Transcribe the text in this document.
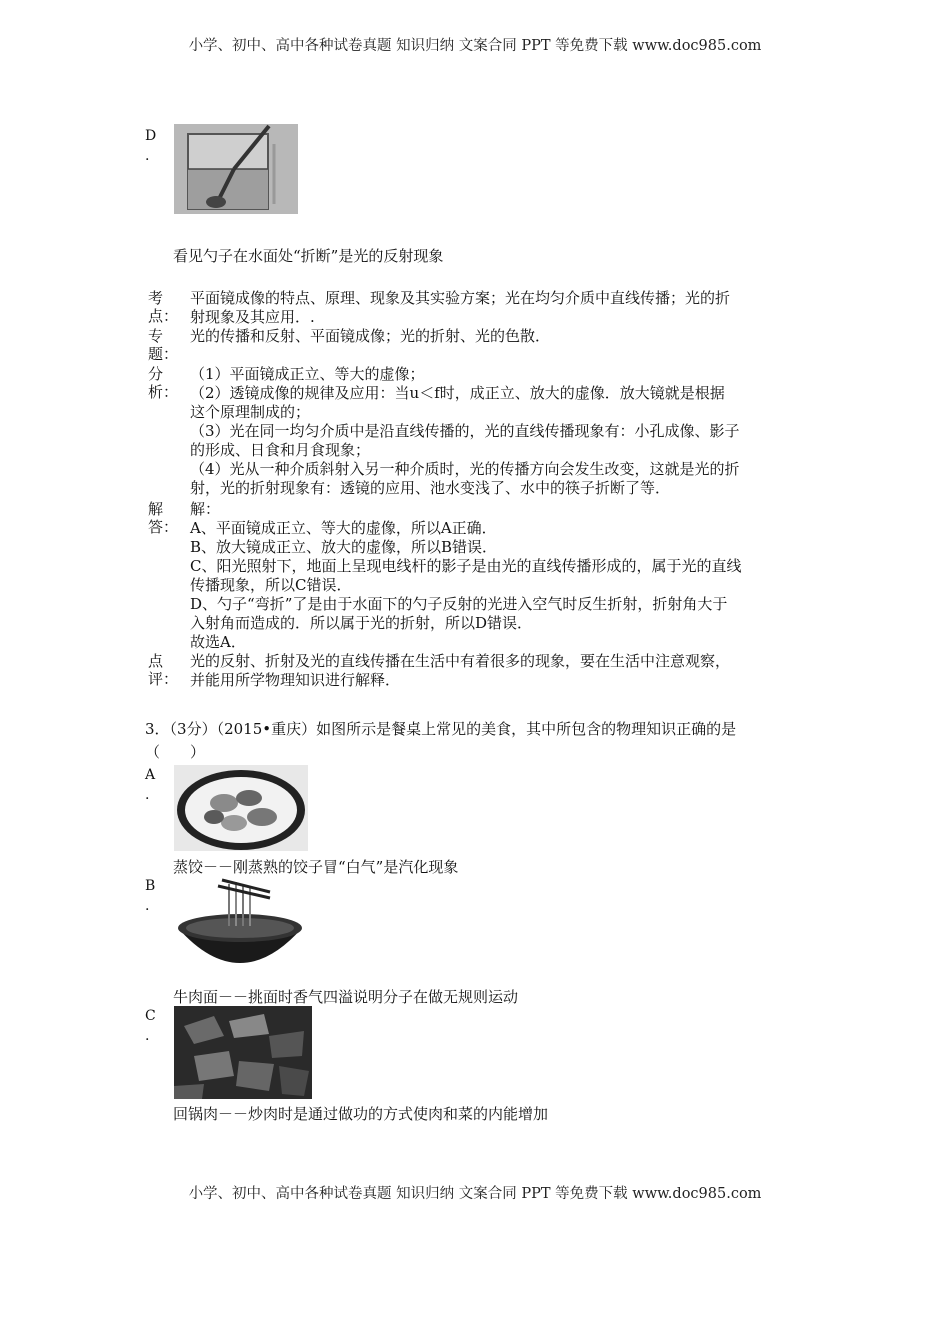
小学、初中、高中各种试卷真题 知识归纳 文案合同 PPT 等免费下载 www.doc985.com
D
.
看见勺子在水面处“折断”是光的反射现象
考
点：
专
题：
分
析：
解
答：
点
评：
平面镜成像的特点、原理、现象及其实验方案；光在均匀介质中直线传播；光的折
射现象及其应用．.
光的传播和反射、平面镜成像；光的折射、光的色散．
（1）平面镜成正立、等大的虚像；
（2）透镜成像的规律及应用：当u＜f时，成正立、放大的虚像．放大镜就是根据
这个原理制成的；
（3）光在同一均匀介质中是沿直线传播的，光的直线传播现象有：小孔成像、影子
的形成、日食和月食现象；
（4）光从一种介质斜射入另一种介质时，光的传播方向会发生改变，这就是光的折
射，光的折射现象有：透镜的应用、池水变浅了、水中的筷子折断了等．
解：
A、平面镜成正立、等大的虚像，所以A正确．
B、放大镜成正立、放大的虚像，所以B错误．
C、阳光照射下，地面上呈现电线杆的影子是由光的直线传播形成的，属于光的直线
传播现象，所以C错误．
D、勺子“弯折”了是由于水面下的勺子反射的光进入空气时反生折射，折射角大于
入射角而造成的．所以属于光的折射，所以D错误．
故选A．
光的反射、折射及光的直线传播在生活中有着很多的现象，要在生活中注意观察，
并能用所学物理知识进行解释．
3．（3分）（2015•重庆）如图所示是餐桌上常见的美食，其中所包含的物理知识正确的是
（　　）
A
.
蒸饺－－刚蒸熟的饺子冒“白气”是汽化现象
B
.
牛肉面－－挑面时香气四溢说明分子在做无规则运动
C
.
回锅肉－－炒肉时是通过做功的方式使肉和菜的内能增加
小学、初中、高中各种试卷真题 知识归纳 文案合同 PPT 等免费下载 www.doc985.com
